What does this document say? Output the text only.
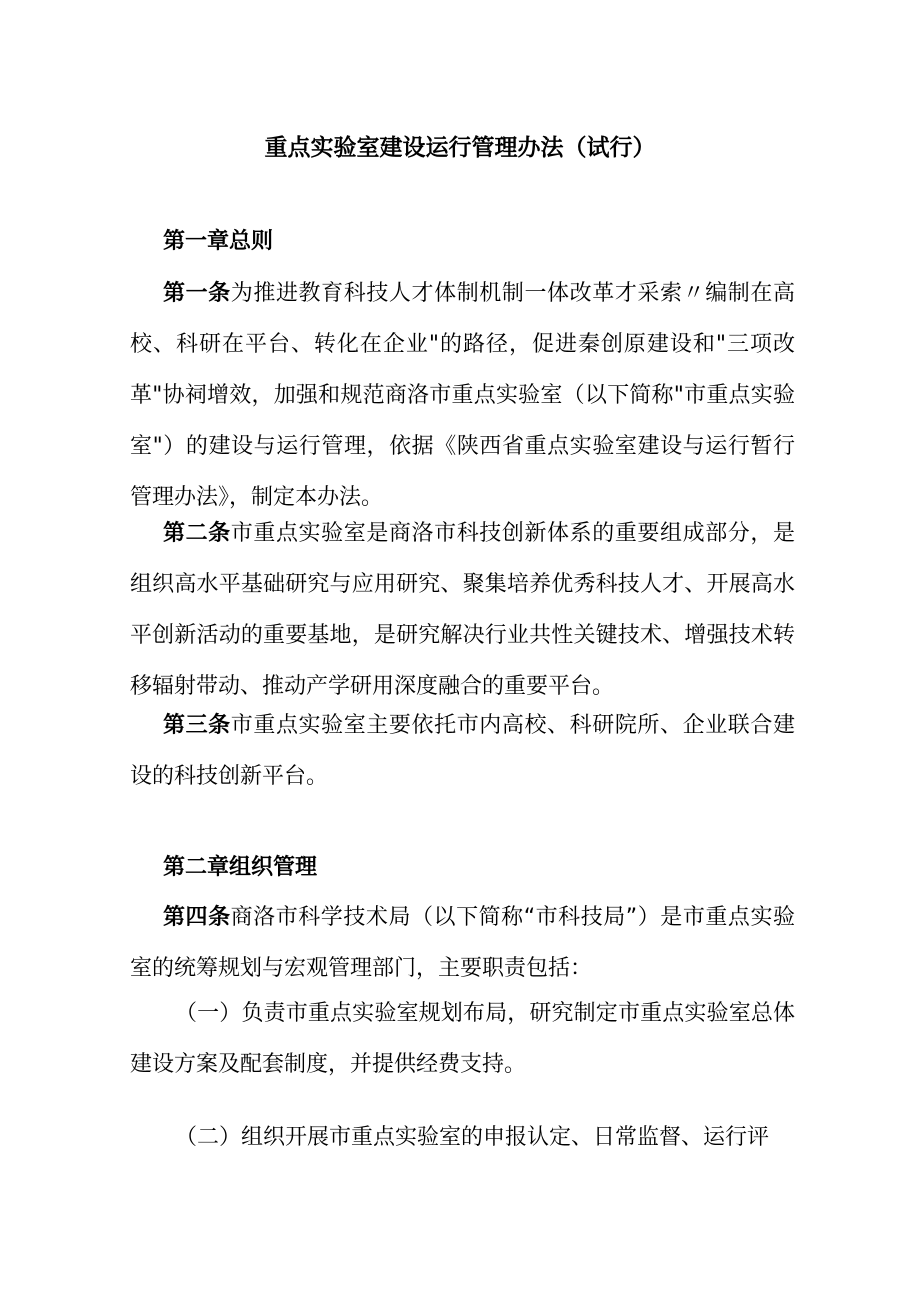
重点实验室建设运行管理办法（试行）
第一章总则
第一条为推进教育科技人才体制机制一体改革才采索〃编制在高校、科研在平台、转化在企业"的路径，促进秦创原建设和"三项改革"协祠增效，加强和规范商洛市重点实验室（以下简称"市重点实验室"）的建设与运行管理，依据《陕西省重点实验室建设与运行暂行管理办法》，制定本办法。
第二条市重点实验室是商洛市科技创新体系的重要组成部分，是组织高水平基础研究与应用研究、聚集培养优秀科技人才、开展高水平创新活动的重要基地，是研究解决行业共性关键技术、增强技术转移辐射带动、推动产学研用深度融合的重要平台。
第三条市重点实验室主要依托市内高校、科研院所、企业联合建设的科技创新平台。
第二章组织管理
第四条商洛市科学技术局（以下简称“市科技局”）是市重点实验室的统筹规划与宏观管理部门，主要职责包括：
（一）负责市重点实验室规划布局，研究制定市重点实验室总体建设方案及配套制度，并提供经费支持。
（二）组织开展市重点实验室的申报认定、日常监督、运行评
